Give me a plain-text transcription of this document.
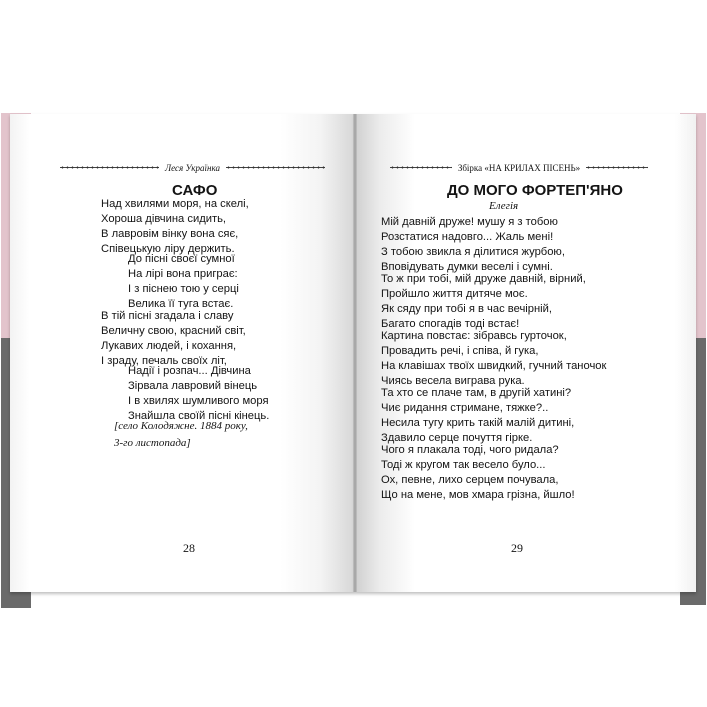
Леся Українка
САФО
Над хвилями моря, на скелі,
Хороша дівчина сидить,
В лавровім вінку вона сяє,
Співецькую ліру держить.
До пісні своєї сумної
На лірі вона приграє:
І з піснею тою у серці
Велика її туга встає.
В тій пісні згадала і славу
Величну свою, красний світ,
Лукавих людей, і кохання,
І зраду, печаль своїх літ,
Надії і розпач... Дівчина
Зірвала лавровий вінець
І в хвилях шумливого моря
Знайшла своїй пісні кінець.
[село Колодяжне. 1884 року,
3-го листопада]
28
Збірка «НА КРИЛАХ ПІСЕНЬ»
ДО МОГО ФОРТЕП'ЯНО
Елегія
Мій давній друже! мушу я з тобою
Розстатися надовго... Жаль мені!
З тобою звикла я ділитися журбою,
Вповідувать думки веселі і сумні.
То ж при тобі, мій друже давній, вірний,
Пройшло життя дитяче моє.
Як сяду при тобі я в час вечірній,
Багато спогадів тоді встає!
Картина повстає: зібравсь гурточок,
Провадить речі, і співа, й гука,
На клавішах твоїх швидкий, гучний таночок
Чиясь весела виграва рука.
Та хто се плаче там, в другій хатині?
Чиє ридання стримане, тяжке?..
Несила тугу крить такій малій дитині,
Здавило серце почуття гірке.
Чого я плакала тоді, чого ридала?
Тоді ж кругом так весело було...
Ох, певне, лихо серцем почувала,
Що на мене, мов хмара грізна, йшло!
29
